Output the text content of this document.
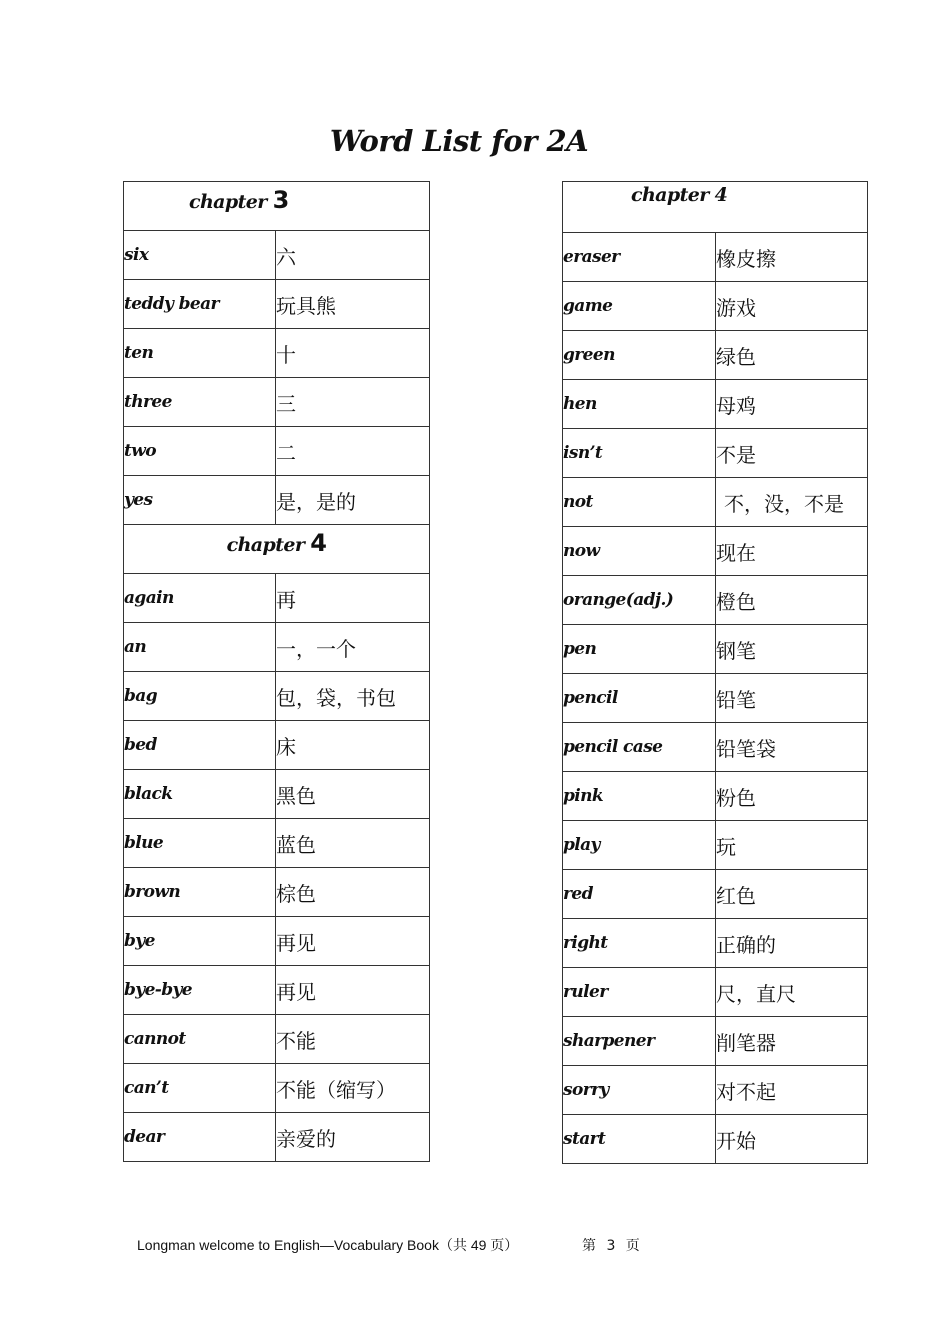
Word List for 2A
chapter 3	
six	六
teddy bear	玩具熊
ten	十
three	三
two	二
yes	是，是的
chapter 4	
again	再
an	一，一个
bag	包，袋，书包
bed	床
black	黑色
blue	蓝色
brown	棕色
bye	再见
bye-bye	再见
cannot	不能
can’t	不能（缩写）
dear	亲爱的
chapter 4	
eraser	橡皮擦
game	游戏
green	绿色
hen	母鸡
isn’t	不是
not	不，没，不是
now	现在
orange(adj.)	橙色
pen	钢笔
pencil	铅笔
pencil case	铅笔袋
pink	粉色
play	玩
red	红色
right	正确的
ruler	尺，直尺
sharpener	削笔器
sorry	对不起
start	开始
Longman welcome to English—Vocabulary Book（共 49 页）	第 3 页
